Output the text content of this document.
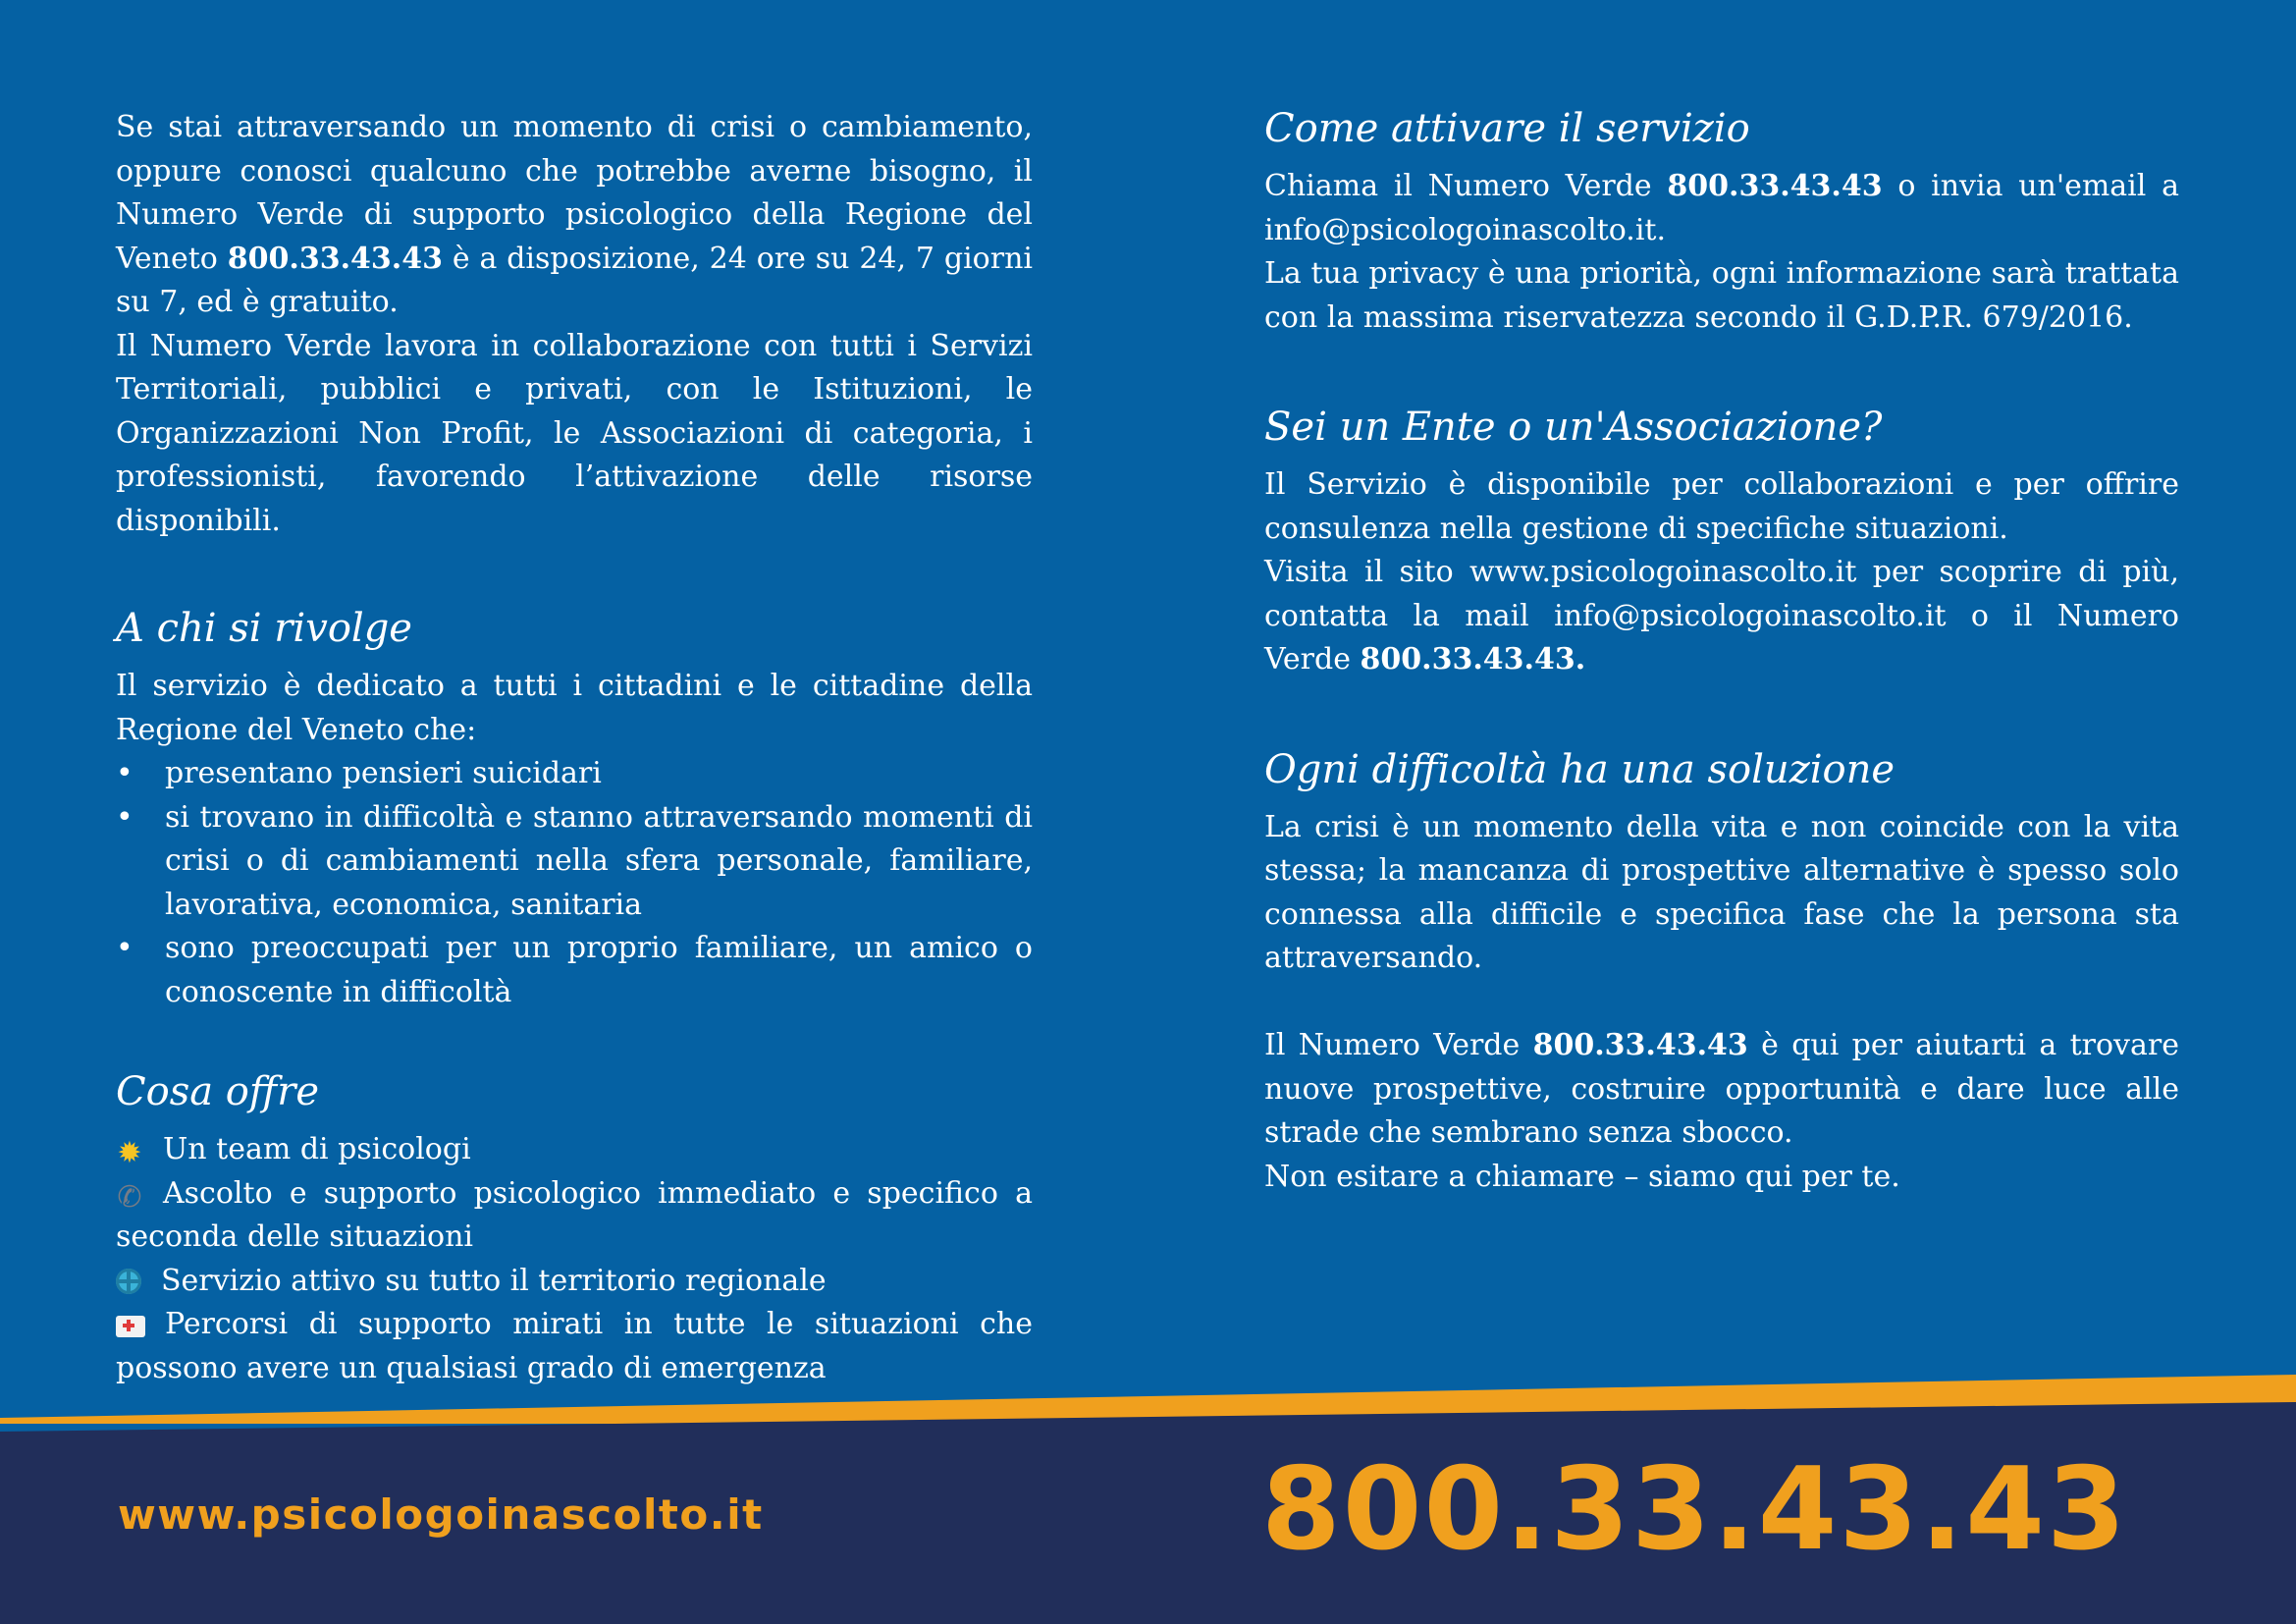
Se stai attraversando un momento di crisi o cambiamento, oppure conosci qualcuno che potrebbe averne bisogno, il Numero Verde di supporto psicologico della Regione del Veneto 800.33.43.43 è a disposizione, 24 ore su 24, 7 giorni su 7, ed è gratuito.

Il Numero Verde lavora in collaborazione con tutti i Servizi Territoriali, pubblici e privati, con le Istituzioni, le Organizzazioni Non Profit, le Associazioni di categoria, i professionisti, favorendo l’attivazione delle risorse disponibili.

A chi si rivolge

Il servizio è dedicato a tutti i cittadini e le cittadine della Regione del Veneto che:

• presentano pensieri suicidari
• si trovano in difficoltà e stanno attraversando momenti di crisi o di cambiamenti nella sfera personale, familiare, lavorativa, economica, sanitaria
• sono preoccupati per un proprio familiare, un amico o conoscente in difficoltà
Cosa offre

✹ Un team di psicologi

✆ Ascolto e supporto psicologico immediato e specifico a seconda delle situazioni

Servizio attivo su tutto il territorio regionale

Percorsi di supporto mirati in tutte le situazioni che possono avere un qualsiasi grado di emergenza

Come attivare il servizio

Chiama il Numero Verde 800.33.43.43 o invia un'email a info@psicologoinascolto.it.

La tua privacy è una priorità, ogni informazione sarà trattata con la massima riservatezza secondo il G.D.P.R. 679/2016.

Sei un Ente o un'Associazione?

Il Servizio è disponibile per collaborazioni e per offrire consulenza nella gestione di specifiche situazioni.

Visita il sito www.psicologoinascolto.it per scoprire di più, contatta la mail info@psicologoinascolto.it o il Numero Verde 800.33.43.43.

Ogni difficoltà ha una soluzione

La crisi è un momento della vita e non coincide con la vita stessa; la mancanza di prospettive alternative è spesso solo connessa alla difficile e specifica fase che la persona sta attraversando.

Il Numero Verde 800.33.43.43 è qui per aiutarti a trovare nuove prospettive, costruire opportunità e dare luce alle strade che sembrano senza sbocco.

Non esitare a chiamare – siamo qui per te.

www.psicologoinascolto.it	800.33.43.43
